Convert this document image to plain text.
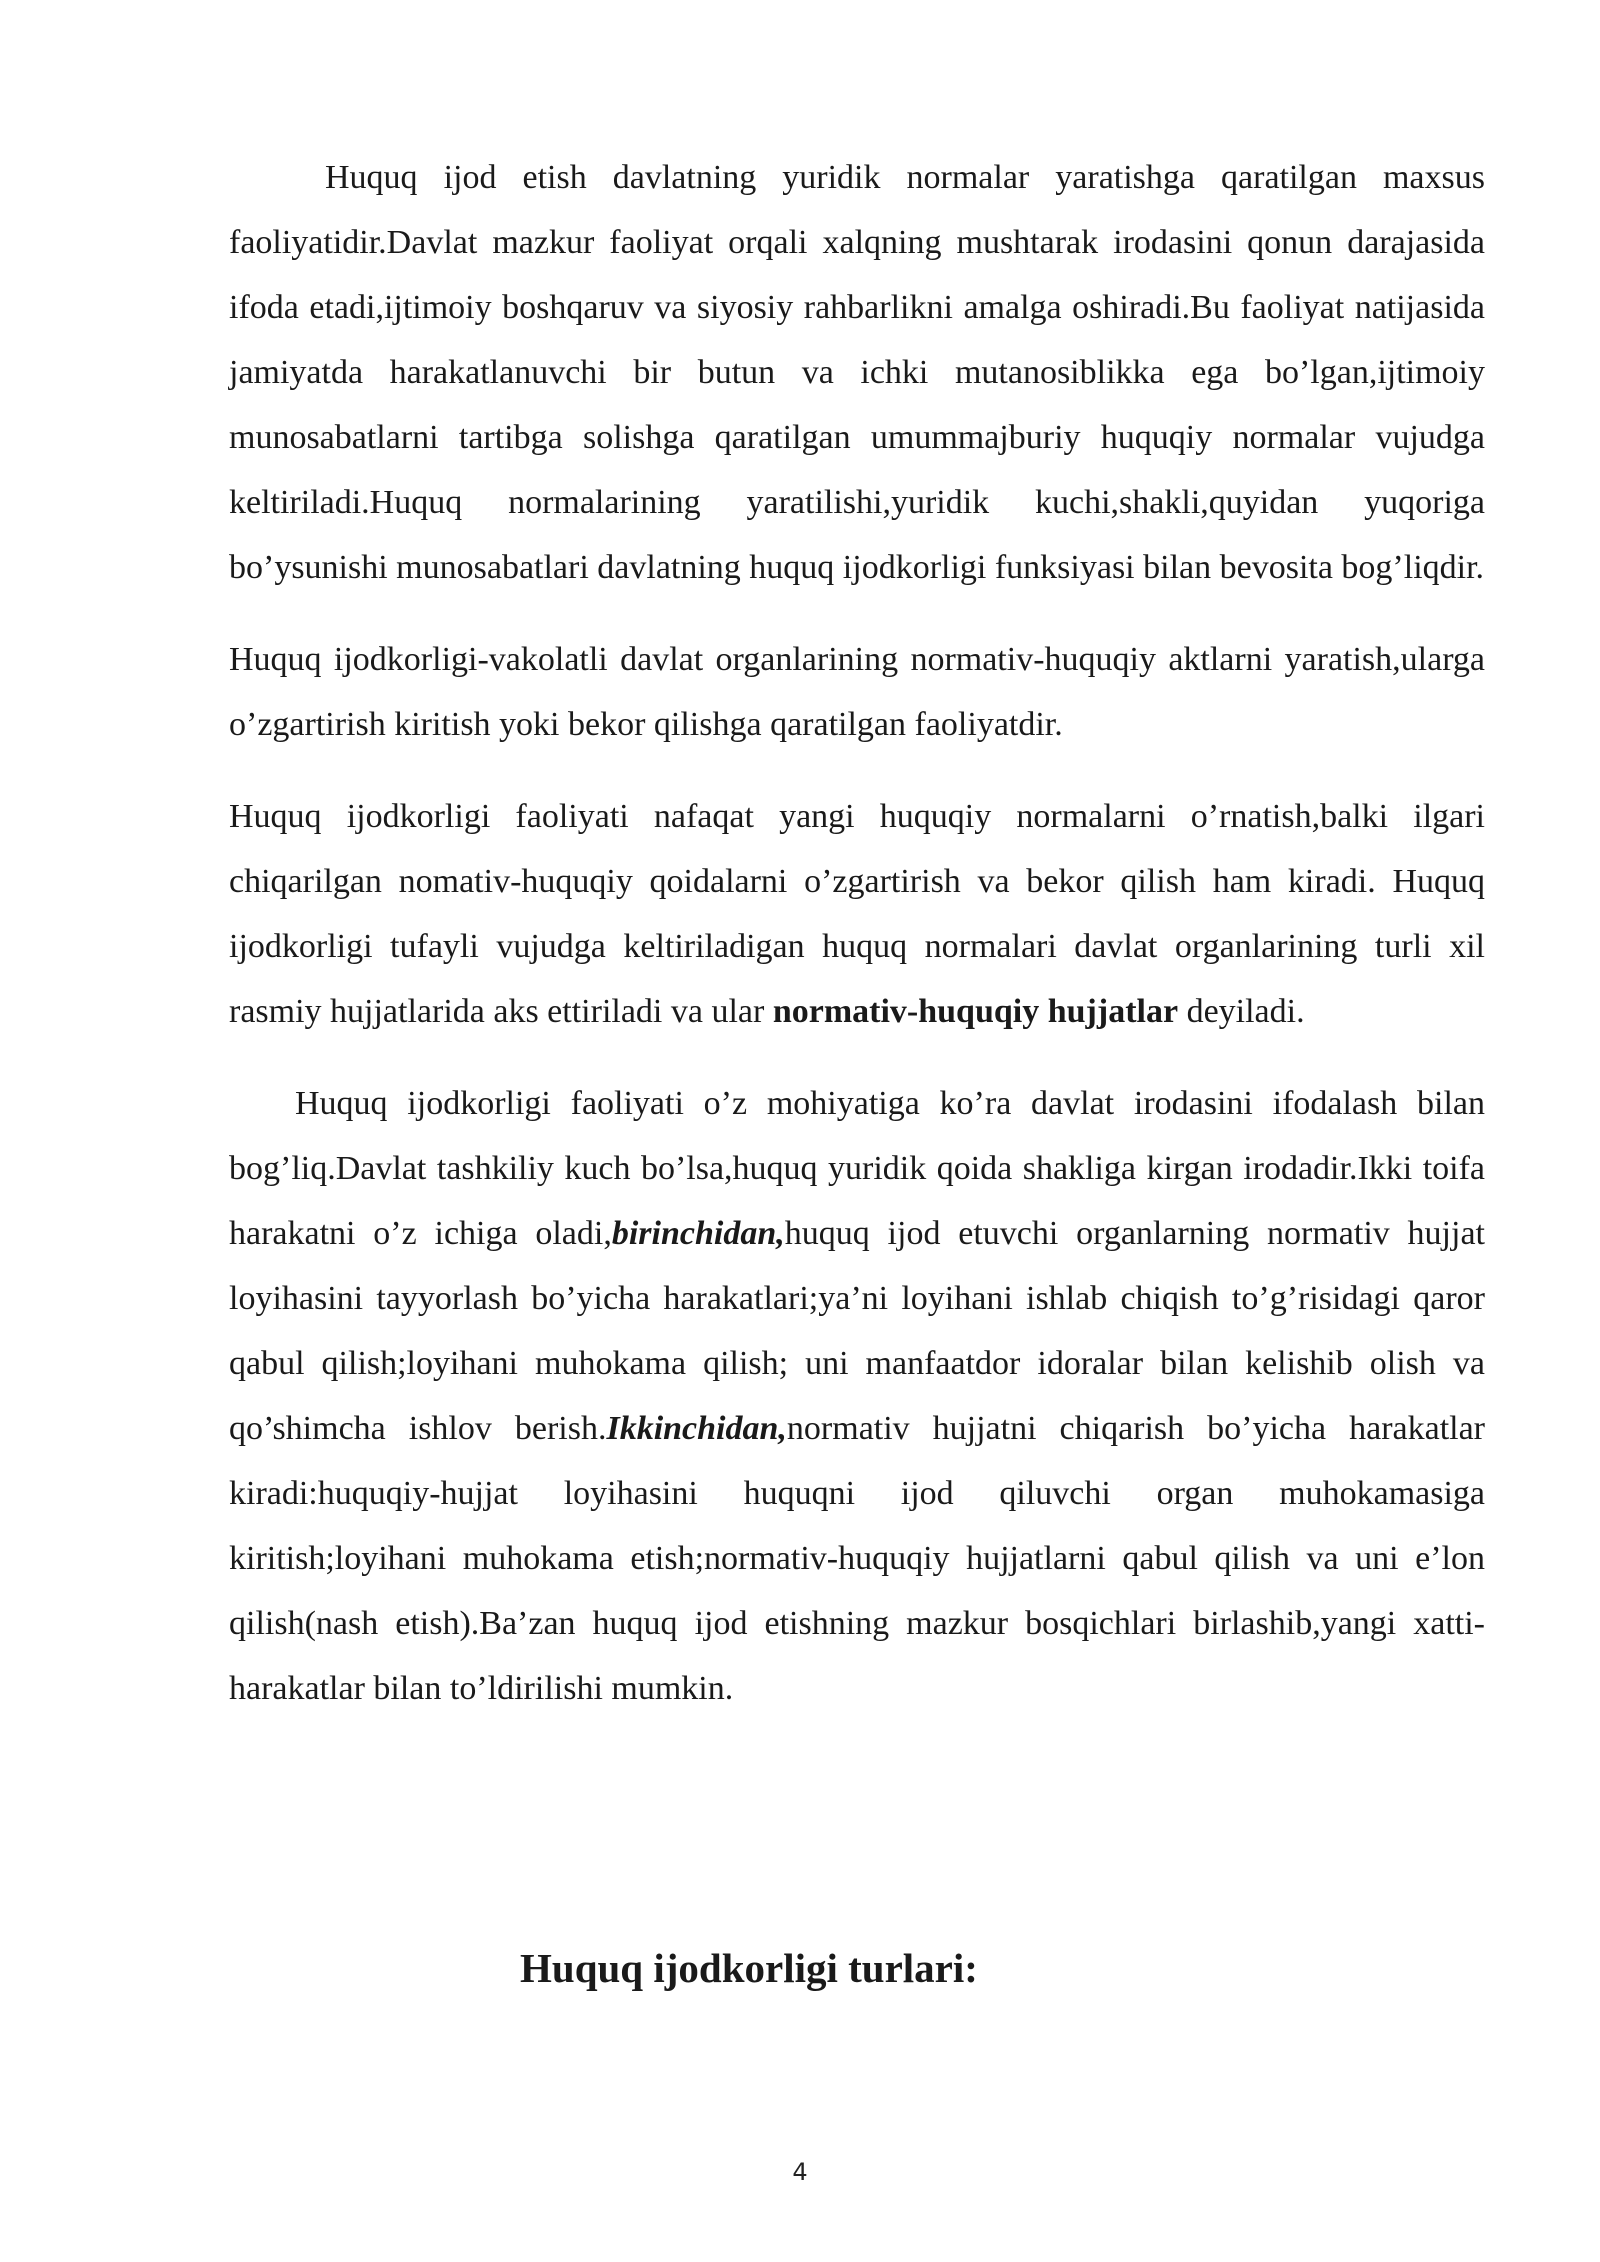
Huquq ijod etish davlatning yuridik normalar yaratishga qaratilgan maxsus faoliyatidir.Davlat mazkur faoliyat orqali xalqning mushtarak irodasini qonun darajasida ifoda etadi,ijtimoiy boshqaruv va siyosiy rahbarlikni amalga oshiradi.Bu faoliyat natijasida jamiyatda harakatlanuvchi bir butun va ichki mutanosiblikka ega bo’lgan,ijtimoiy munosabatlarni tartibga solishga qaratilgan umummajburiy huquqiy normalar vujudga keltiriladi.Huquq normalarining yaratilishi,yuridik kuchi,shakli,quyidan yuqoriga bo’ysunishi munosabatlari davlatning huquq ijodkorligi funksiyasi bilan bevosita bog’liqdir.

Huquq ijodkorligi-vakolatli davlat organlarining normativ-huquqiy aktlarni yaratish,ularga o’zgartirish kiritish yoki bekor qilishga qaratilgan faoliyatdir.

Huquq ijodkorligi faoliyati nafaqat yangi huquqiy normalarni o’rnatish,balki ilgari chiqarilgan nomativ-huquqiy qoidalarni o’zgartirish va bekor qilish ham kiradi. Huquq ijodkorligi tufayli vujudga keltiriladigan huquq normalari davlat organlarining turli xil rasmiy hujjatlarida aks ettiriladi va ular normativ-huquqiy hujjatlar deyiladi.

Huquq ijodkorligi faoliyati o’z mohiyatiga ko’ra davlat irodasini ifodalash bilan bog’liq.Davlat tashkiliy kuch bo’lsa,huquq yuridik qoida shakliga kirgan irodadir.Ikki toifa harakatni o’z ichiga oladi,birinchidan,huquq ijod etuvchi organlarning normativ hujjat loyihasini tayyorlash bo’yicha harakatlari;ya’ni loyihani ishlab chiqish to’g’risidagi qaror qabul qilish;loyihani muhokama qilish; uni manfaatdor idoralar bilan kelishib olish va qo’shimcha ishlov berish.Ikkinchidan,normativ hujjatni chiqarish bo’yicha harakatlar kiradi:huquqiy-hujjat loyihasini huquqni ijod qiluvchi organ muhokamasiga kiritish;loyihani muhokama etish;normativ-huquqiy hujjatlarni qabul qilish va uni e’lon qilish(nash etish).Ba’zan huquq ijod etishning mazkur bosqichlari birlashib,yangi xatti-harakatlar bilan to’ldirilishi mumkin.

Huquq ijodkorligi turlari:
4
